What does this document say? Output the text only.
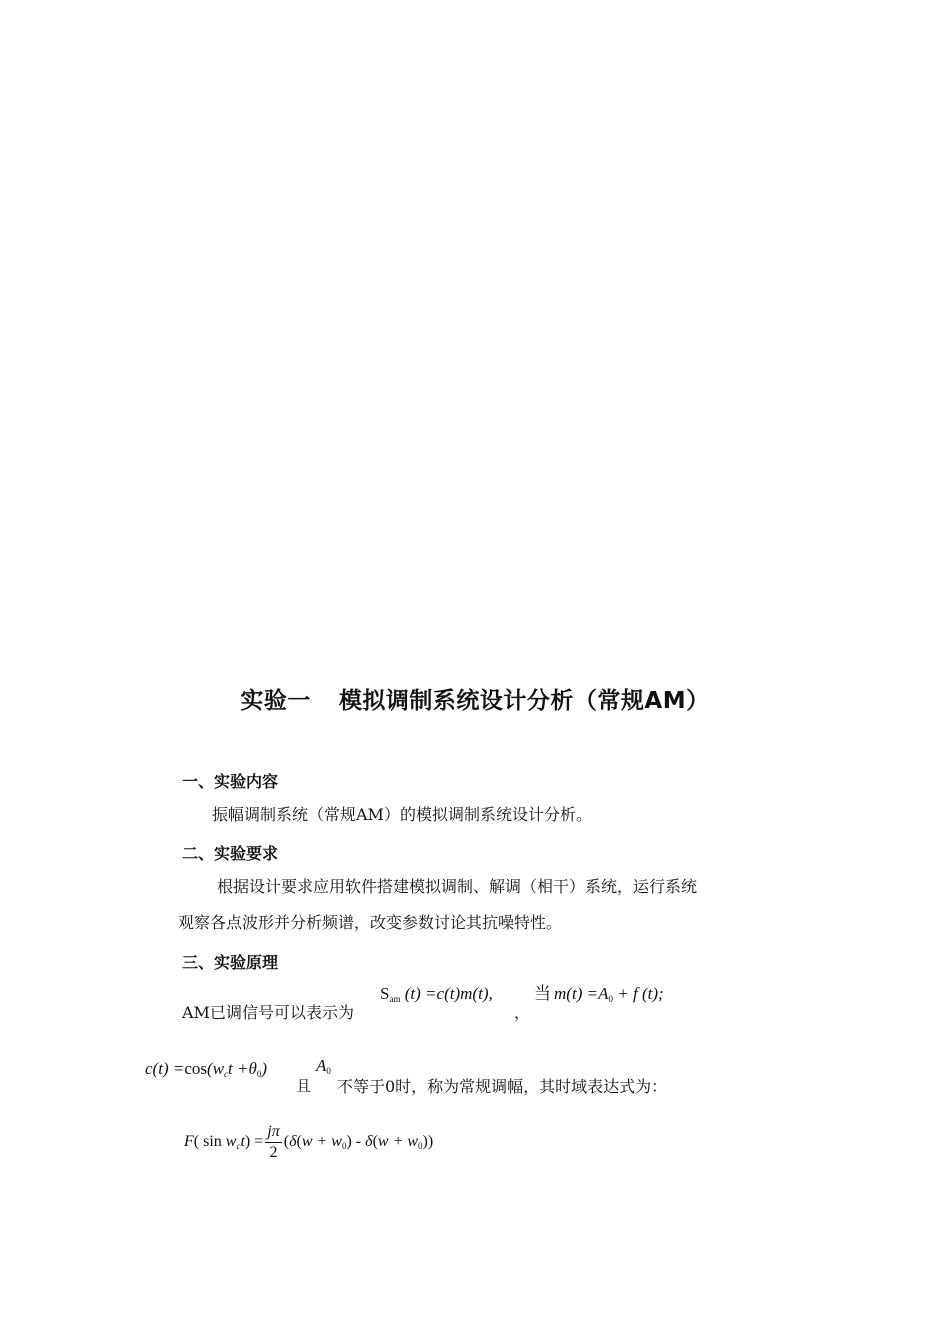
实验一 模拟调制系统设计分析（常规AM）
一、实验内容
振幅调制系统（常规AM）的模拟调制系统设计分析。
二、实验要求
根据设计要求应用软件搭建模拟调制、解调（相干）系统，运行系统
观察各点波形并分析频谱，改变参数讨论其抗噪特性。
三、实验原理
AM已调信号可以表示为
$S_{am}$ (t) =c(t)m(t),
，
当 $m(t) =A_0 + f$ (t);
$c(t) =\cos(w_ct +\theta_0)$
且
$A_0$
不等于0时，称为常规调幅，其时域表达式为：
F( $\sin w_ct) = \frac{j\pi}{2} (\delta(w + w_0) - \delta(w + w_0))$
